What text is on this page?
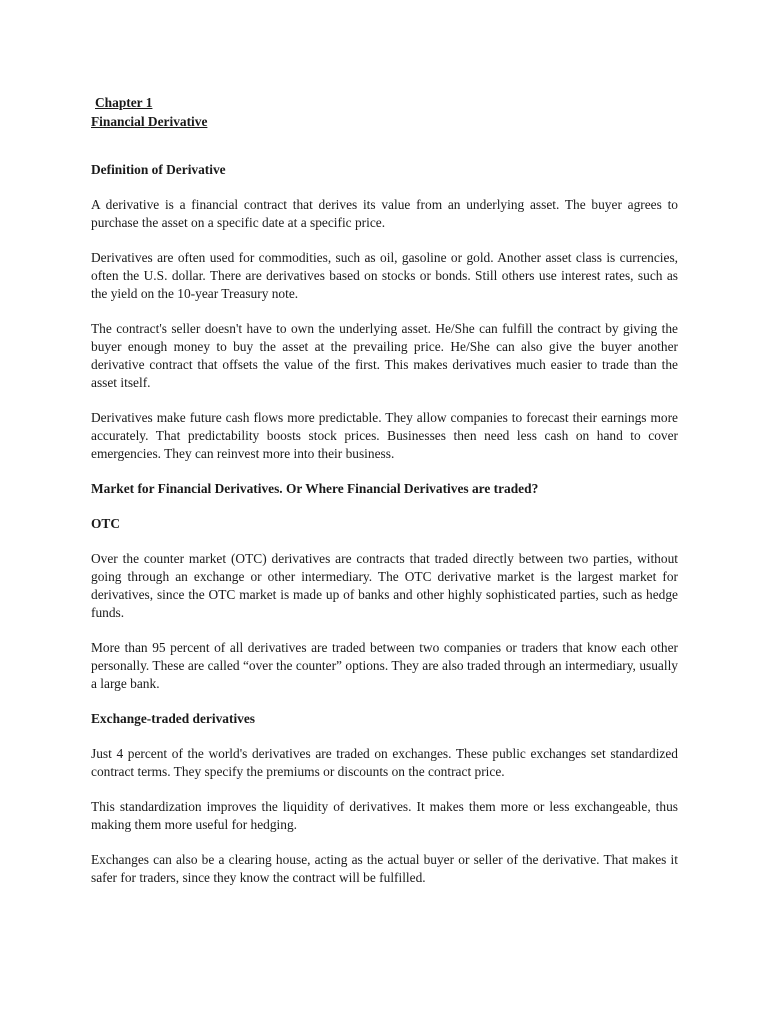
Chapter 1
Financial Derivative
Definition of Derivative

A derivative is a financial contract that derives its value from an underlying asset. The buyer agrees to purchase the asset on a specific date at a specific price.

Derivatives are often used for commodities, such as oil, gasoline or gold. Another asset class is currencies, often the U.S. dollar. There are derivatives based on stocks or bonds. Still others use interest rates, such as the yield on the 10-year Treasury note.

The contract's seller doesn't have to own the underlying asset. He/She can fulfill the contract by giving the buyer enough money to buy the asset at the prevailing price. He/She can also give the buyer another derivative contract that offsets the value of the first. This makes derivatives much easier to trade than the asset itself.

Derivatives make future cash flows more predictable. They allow companies to forecast their earnings more accurately. That predictability boosts stock prices. Businesses then need less cash on hand to cover emergencies. They can reinvest more into their business.

Market for Financial Derivatives. Or Where Financial Derivatives are traded?
OTC

Over the counter market (OTC) derivatives are contracts that traded directly between two parties, without going through an exchange or other intermediary. The OTC derivative market is the largest market for derivatives, since the OTC market is made up of banks and other highly sophisticated parties, such as hedge funds.

More than 95 percent of all derivatives are traded between two companies or traders that know each other personally. These are called “over the counter” options. They are also traded through an intermediary, usually a large bank.

Exchange-traded derivatives

Just 4 percent of the world's derivatives are traded on exchanges. These public exchanges set standardized contract terms. They specify the premiums or discounts on the contract price.

This standardization improves the liquidity of derivatives. It makes them more or less exchangeable, thus making them more useful for hedging.

Exchanges can also be a clearing house, acting as the actual buyer or seller of the derivative. That makes it safer for traders, since they know the contract will be fulfilled.
